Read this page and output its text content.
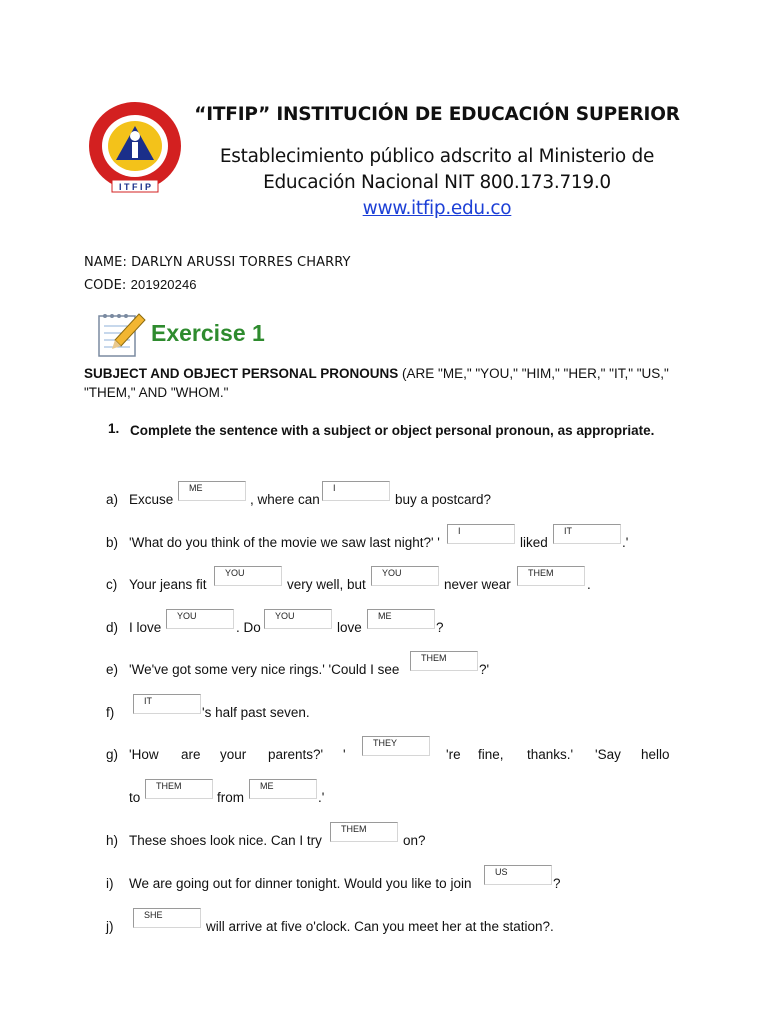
I T F I P
“ITFIP” INSTITUCIÓN DE EDUCACIÓN SUPERIOR
Establecimiento público adscrito al Ministerio de
Educación Nacional NIT 800.173.719.0
www.itfip.edu.co
NAME: DARLYN ARUSSI TORRES CHARRY
CODE: 201920246
Exercise 1
SUBJECT AND OBJECT PERSONAL PRONOUNS (ARE "ME," "YOU," "HIM," "HER," "IT," "US," "THEM," AND "WHOM."
1. Complete the sentence with a subject or object personal pronoun, as appropriate.
a) Excuse
ME
, where can
I
buy a postcard?
b) 'What do you think of the movie we saw last night?' '
I
liked
IT
.'
c) Your jeans fit
YOU
very well, but
YOU
never wear
THEM
.
d) I love
YOU
. Do
YOU
love
ME
?
e) 'We've got some very nice rings.' 'Could I see
THEM
?'
f)
IT
's half past seven.
g) 'How are your parents?' '
THEY
're fine, thanks.' 'Say hello
to
THEM
from
ME
.'
h) These shoes look nice. Can I try
THEM
on?
i) We are going out for dinner tonight. Would you like to join
US
?
j)
SHE
will arrive at five o'clock. Can you meet her at the station?.
